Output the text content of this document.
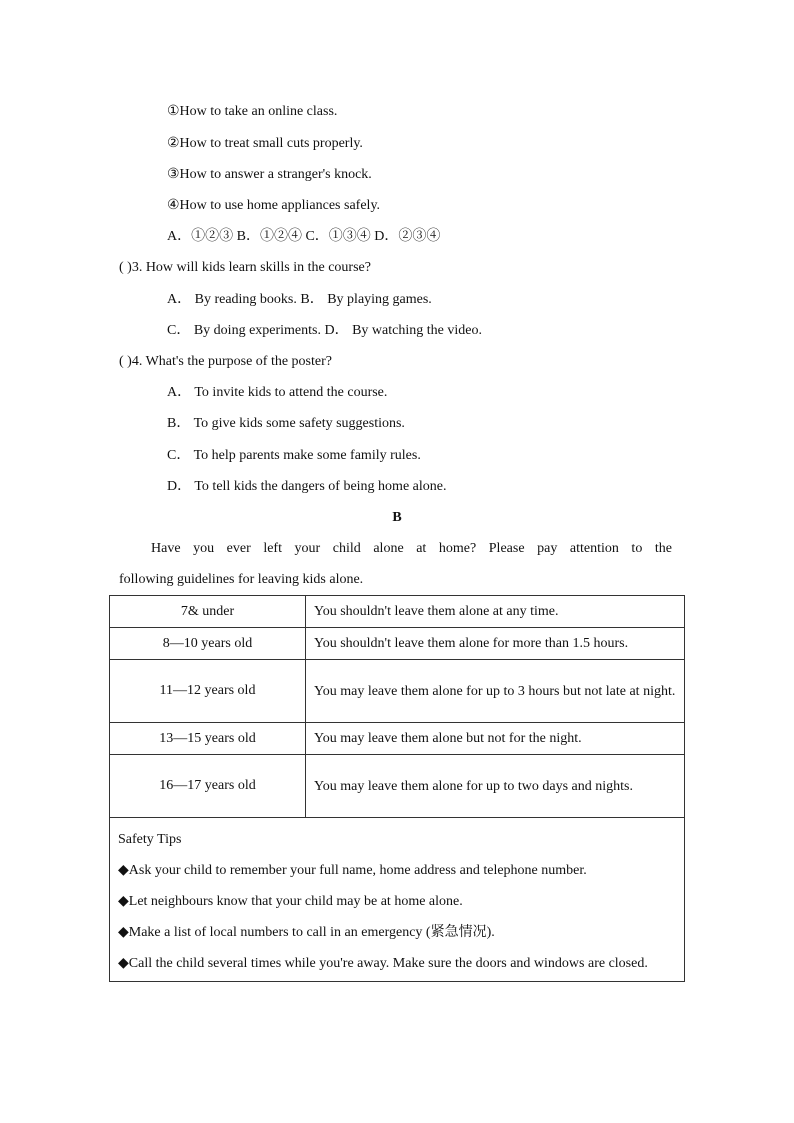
①How to take an online class.
②How to treat small cuts properly.
③How to answer a stranger's knock.
④How to use home appliances safely.
A．①②③ B．①②④ C．①③④ D．②③④
( )3. How will kids learn skills in the course?
A． By reading books. B． By playing games.
C． By doing experiments. D． By watching the video.
( )4. What's the purpose of the poster?
A． To invite kids to attend the course.
B． To give kids some safety suggestions.
C． To help parents make some family rules.
D． To tell kids the dangers of being home alone.
B
Have you ever left your child alone at home? Please pay attention to the
following guidelines for leaving kids alone.
7& under	You shouldn't leave them alone at any time.
8—10 years old	You shouldn't leave them alone for more than 1.5 hours.
11—12 years old	You may leave them alone for up to 3 hours but not late at night.
13—15 years old	You may leave them alone but not for the night.
16—17 years old	You may leave them alone for up to two days and nights.

Safety Tips
◆Ask your child to remember your full name, home address and telephone number.
◆Let neighbours know that your child may be at home alone.
◆Make a list of local numbers to call in an emergency (紧急情况).
◆Call the child several times while you're away. Make sure the doors and windows are closed.	
